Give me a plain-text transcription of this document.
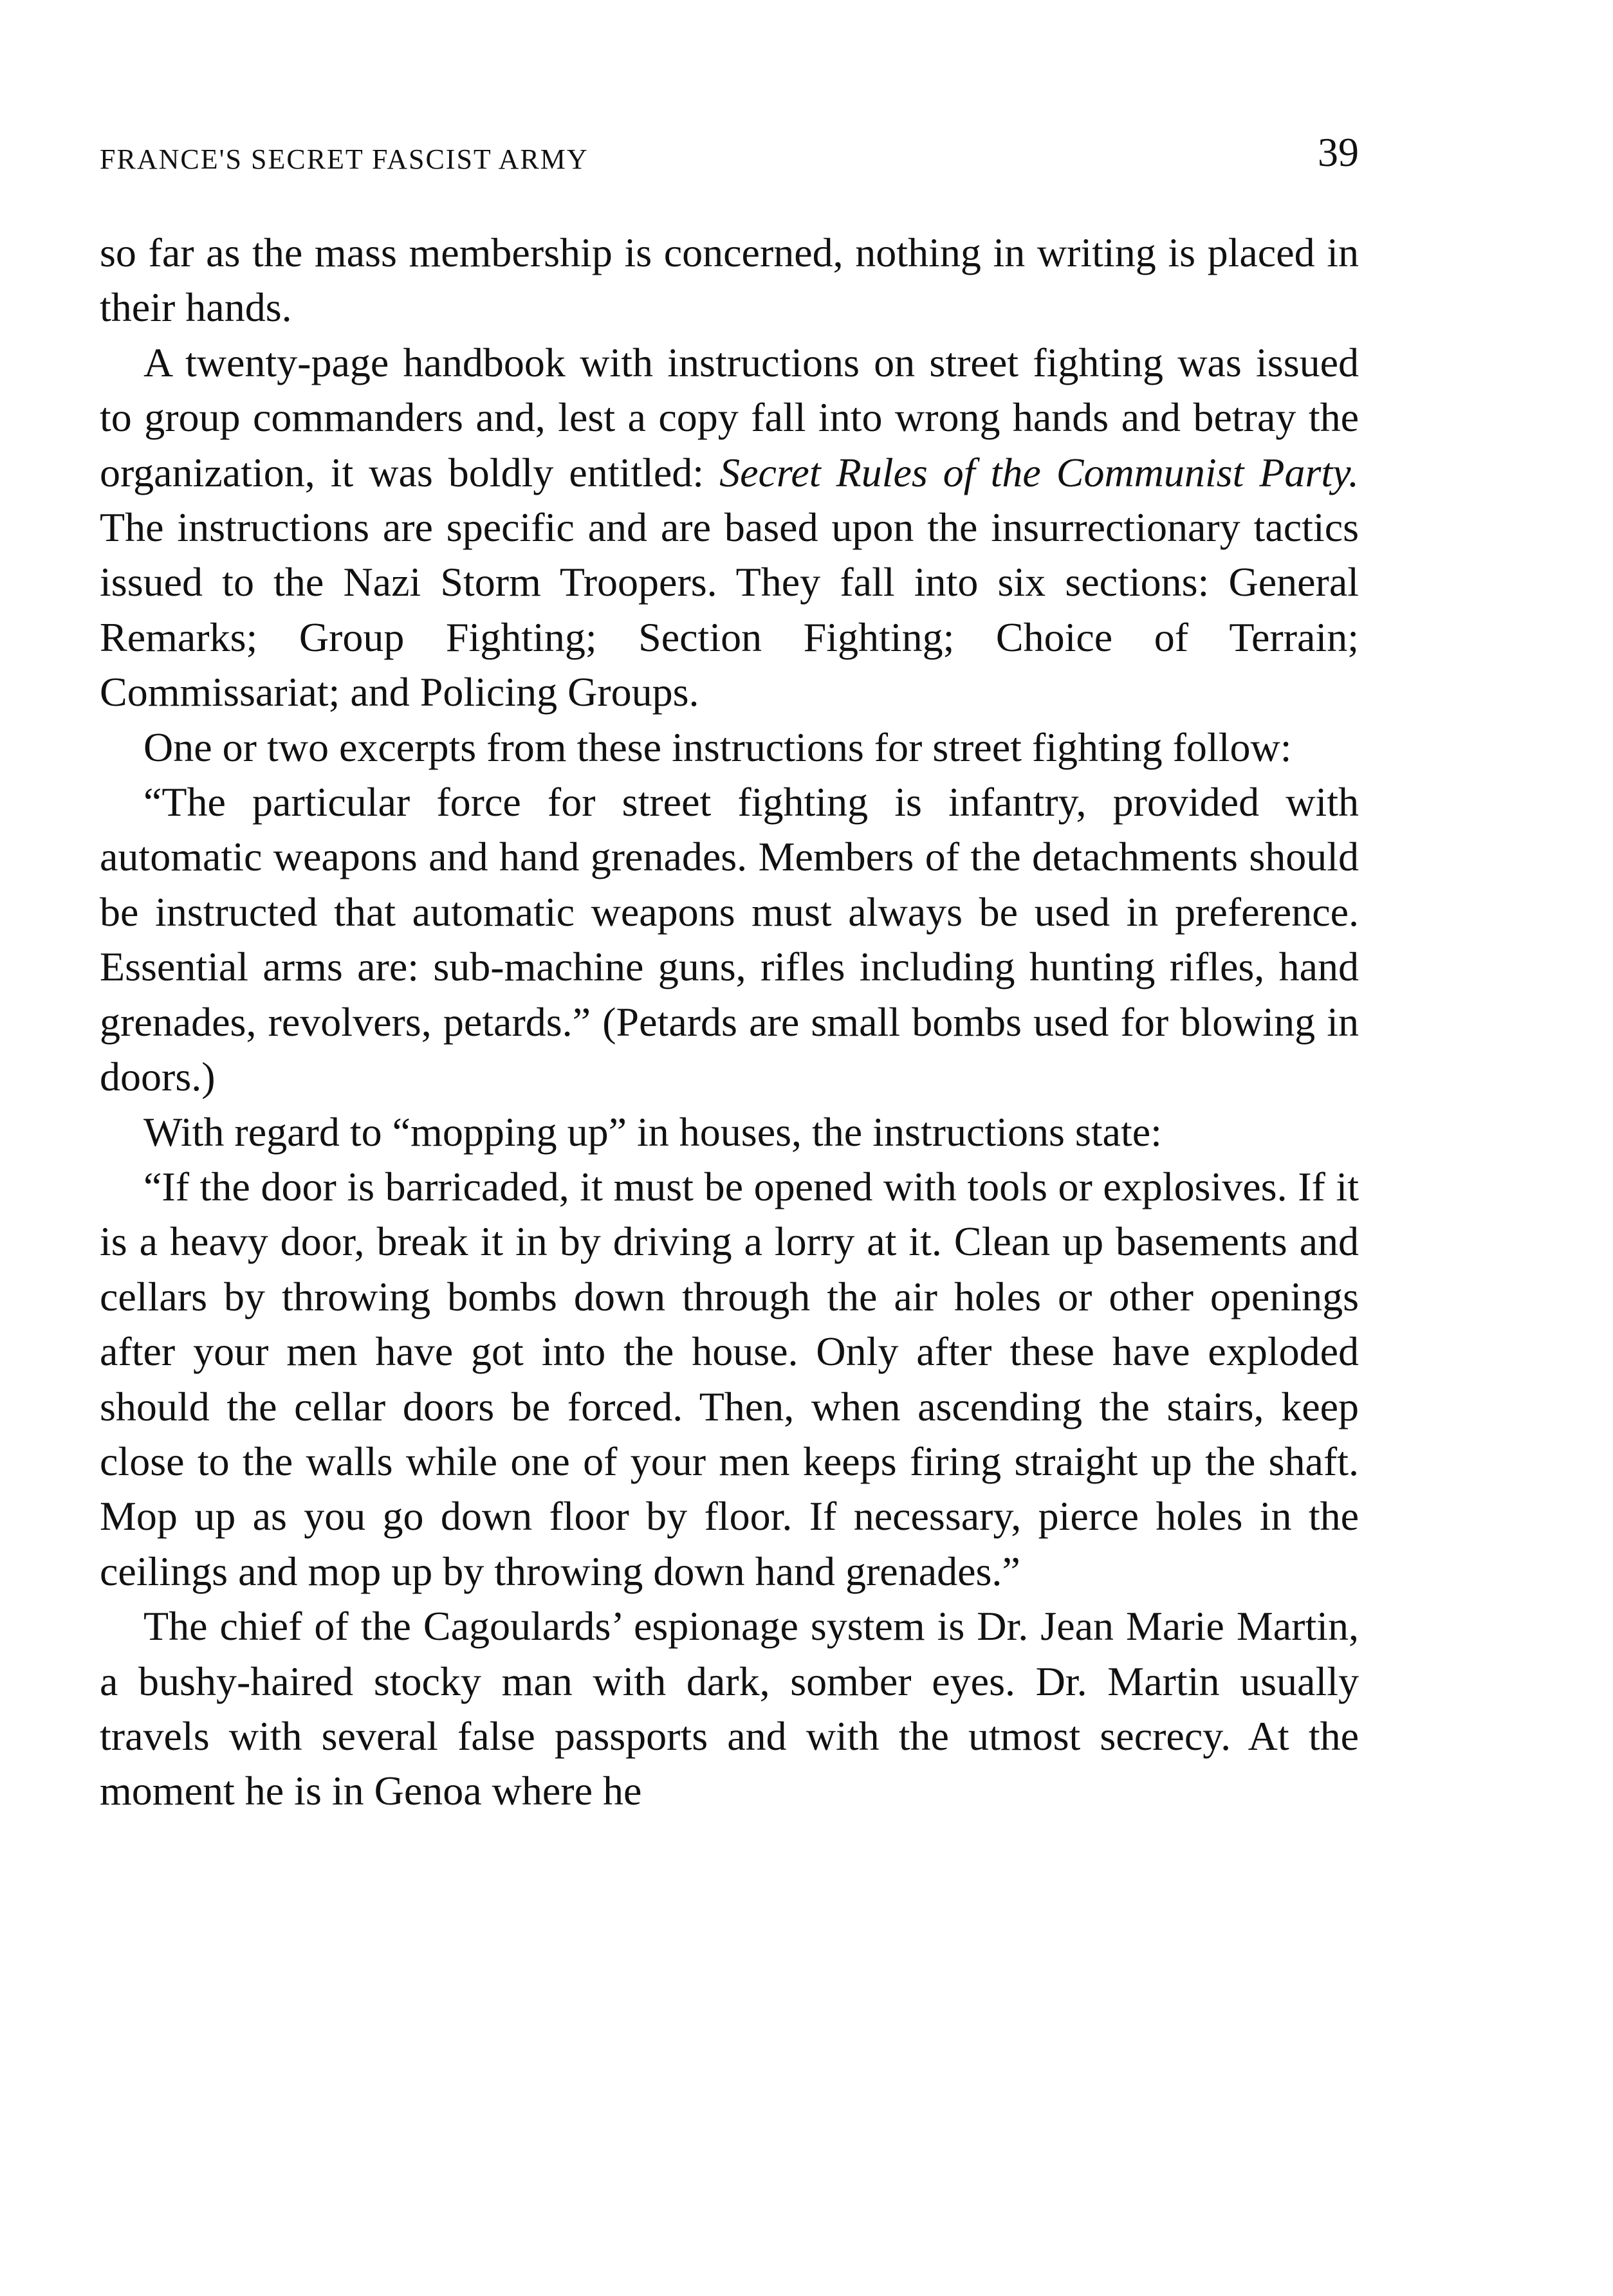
FRANCE'S SECRET FASCIST ARMY	39

so far as the mass membership is concerned, nothing in writing is placed in their hands.

A twenty-page handbook with instructions on street fighting was issued to group commanders and, lest a copy fall into wrong hands and betray the organization, it was boldly entitled: Secret Rules of the Communist Party. The instructions are specific and are based upon the insurrectionary tactics issued to the Nazi Storm Troopers. They fall into six sections: General Remarks; Group Fighting; Section Fighting; Choice of Terrain; Commissariat; and Policing Groups.

One or two excerpts from these instructions for street fighting follow:

“The particular force for street fighting is infantry, provided with automatic weapons and hand grenades. Members of the detachments should be instructed that automatic weapons must always be used in preference. Essential arms are: sub-machine guns, rifles including hunting rifles, hand grenades, revolvers, petards.” (Petards are small bombs used for blowing in doors.)

With regard to “mopping up” in houses, the instructions state:

“If the door is barricaded, it must be opened with tools or explosives. If it is a heavy door, break it in by driving a lorry at it. Clean up basements and cellars by throwing bombs down through the air holes or other openings after your men have got into the house. Only after these have exploded should the cellar doors be forced. Then, when ascending the stairs, keep close to the walls while one of your men keeps firing straight up the shaft. Mop up as you go down floor by floor. If necessary, pierce holes in the ceilings and mop up by throwing down hand grenades.”

The chief of the Cagoulards’ espionage system is Dr. Jean Marie Martin, a bushy-haired stocky man with dark, somber eyes. Dr. Martin usually travels with several false passports and with the utmost secrecy. At the moment he is in Genoa where he
